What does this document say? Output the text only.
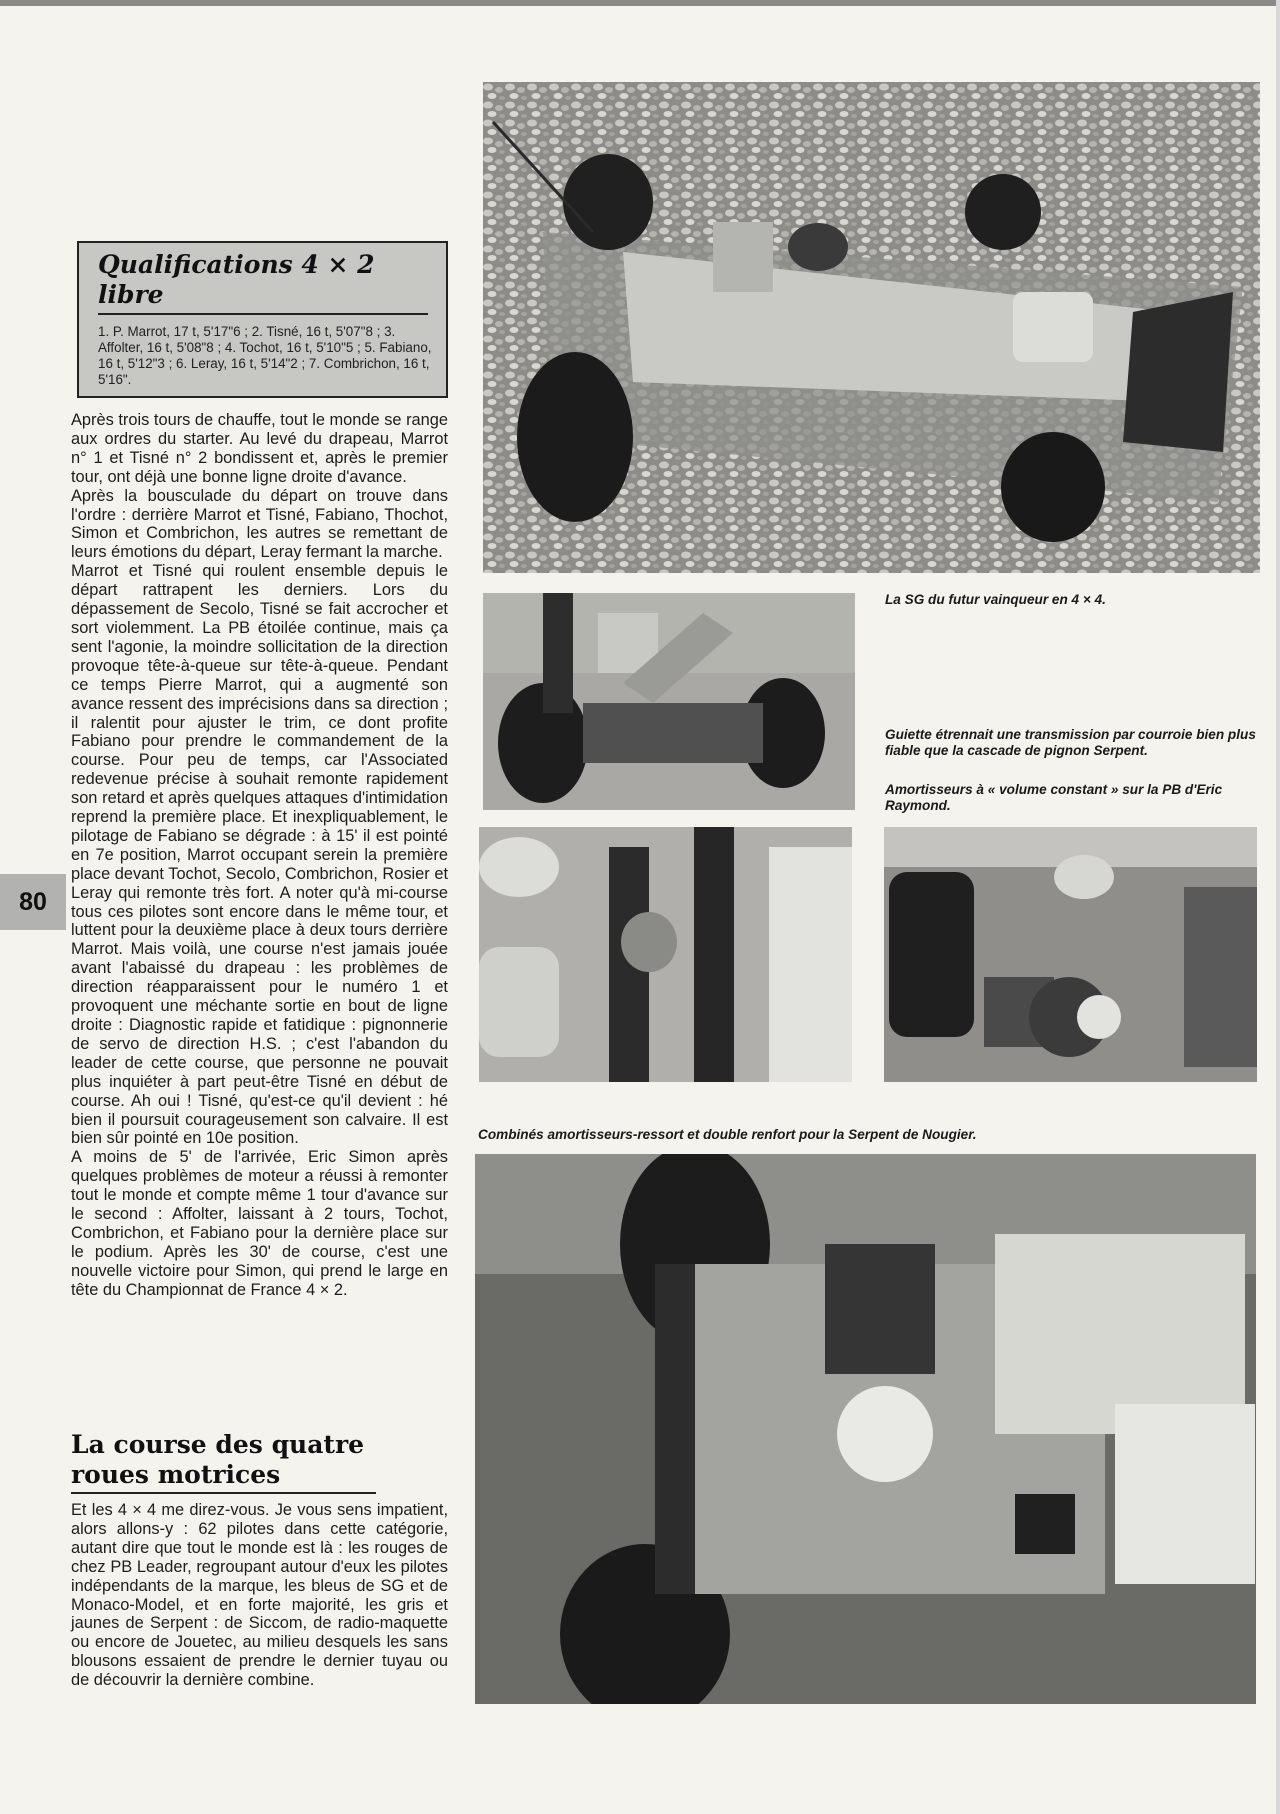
Qualifications 4 × 2 libre
1. P. Marrot, 17 t, 5'17"6 ; 2. Tisné, 16 t, 5'07"8 ; 3. Affolter, 16 t, 5'08"8 ; 4. Tochot, 16 t, 5'10"5 ; 5. Fabiano, 16 t, 5'12"3 ; 6. Leray, 16 t, 5'14"2 ; 7. Combrichon, 16 t, 5'16".

Après trois tours de chauffe, tout le monde se range aux ordres du starter. Au levé du drapeau, Marrot n° 1 et Tisné n° 2 bondissent et, après le premier tour, ont déjà une bonne ligne droite d'avance.

Après la bousculade du départ on trouve dans l'ordre : derrière Marrot et Tisné, Fabiano, Thochot, Simon et Combrichon, les autres se remettant de leurs émotions du départ, Leray fermant la marche.

Marrot et Tisné qui roulent ensemble depuis le départ rattrapent les derniers. Lors du dépassement de Secolo, Tisné se fait accrocher et sort violemment. La PB étoilée continue, mais ça sent l'agonie, la moindre sollicitation de la direction provoque tête-à-queue sur tête-à-queue. Pendant ce temps Pierre Marrot, qui a augmenté son avance ressent des imprécisions dans sa direction ; il ralentit pour ajuster le trim, ce dont profite Fabiano pour prendre le commandement de la course. Pour peu de temps, car l'Associated redevenue précise à souhait remonte rapidement son retard et après quelques attaques d'intimidation reprend la première place. Et inexpliquablement, le pilotage de Fabiano se dégrade : à 15' il est pointé en 7e position, Marrot occupant serein la première place devant Tochot, Secolo, Combrichon, Rosier et Leray qui remonte très fort. A noter qu'à mi-course tous ces pilotes sont encore dans le même tour, et luttent pour la deuxième place à deux tours derrière Marrot. Mais voilà, une course n'est jamais jouée avant l'abaissé du drapeau : les problèmes de direction réapparaissent pour le numéro 1 et provoquent une méchante sortie en bout de ligne droite : Diagnostic rapide et fatidique : pignonnerie de servo de direction H.S. ; c'est l'abandon du leader de cette course, que personne ne pouvait plus inquiéter à part peut-être Tisné en début de course. Ah oui ! Tisné, qu'est-ce qu'il devient : hé bien il poursuit courageusement son calvaire. Il est bien sûr pointé en 10e position.

A moins de 5' de l'arrivée, Eric Simon après quelques problèmes de moteur a réussi à remonter tout le monde et compte même 1 tour d'avance sur le second : Affolter, laissant à 2 tours, Tochot, Combrichon, et Fabiano pour la dernière place sur le podium. Après les 30' de course, c'est une nouvelle victoire pour Simon, qui prend le large en tête du Championnat de France 4 × 2.

La course des quatre roues motrices

Et les 4 × 4 me direz-vous. Je vous sens impatient, alors allons-y : 62 pilotes dans cette catégorie, autant dire que tout le monde est là : les rouges de chez PB Leader, regroupant autour d'eux les pilotes indépendants de la marque, les bleus de SG et de Monaco-Model, et en forte majorité, les gris et jaunes de Serpent : de Siccom, de radio-maquette ou encore de Jouetec, au milieu desquels les sans blousons essaient de prendre le dernier tuyau ou de découvrir la dernière combine.

80
La SG du futur vainqueur en 4 × 4.
Guiette étrennait une transmission par courroie bien plus fiable que la cascade de pignon Serpent.
Amortisseurs à « volume constant » sur la PB d'Eric Raymond.
Combinés amortisseurs-ressort et double renfort pour la Serpent de Nougier.
